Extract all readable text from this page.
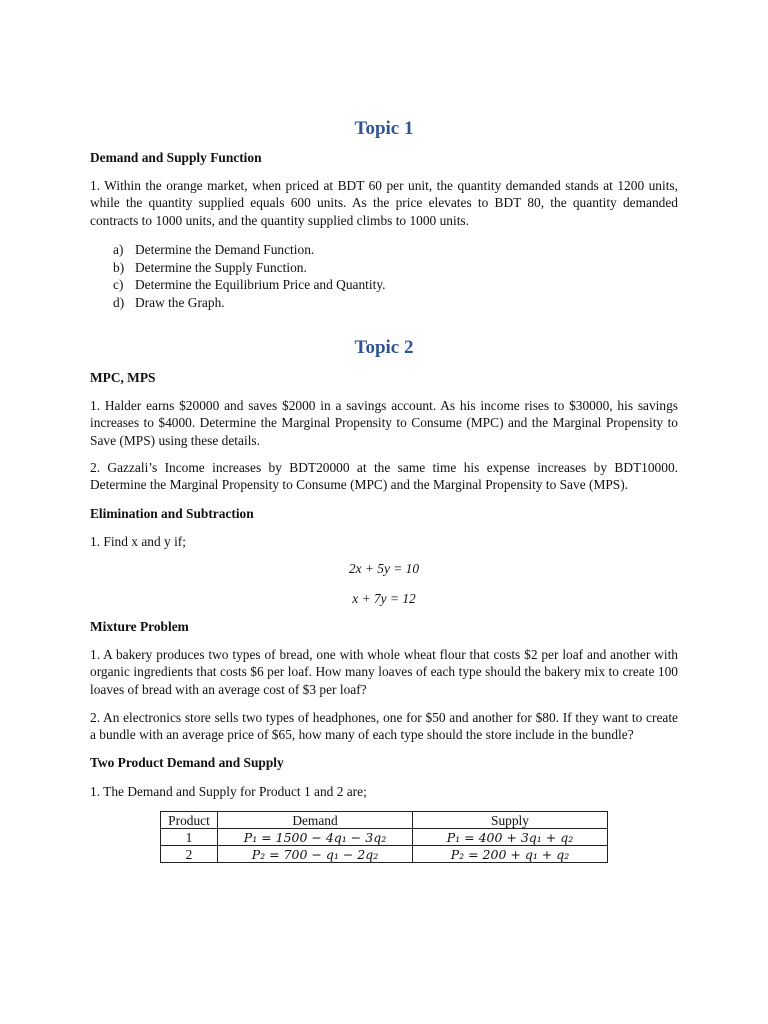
Topic 1
Demand and Supply Function
1. Within the orange market, when priced at BDT 60 per unit, the quantity demanded stands at 1200 units, while the quantity supplied equals 600 units. As the price elevates to BDT 80, the quantity demanded contracts to 1000 units, and the quantity supplied climbs to 1000 units.
a) Determine the Demand Function.
b) Determine the Supply Function.
c) Determine the Equilibrium Price and Quantity.
d) Draw the Graph.
Topic 2
MPC, MPS
1. Halder earns $20000 and saves $2000 in a savings account. As his income rises to $30000, his savings increases to $4000. Determine the Marginal Propensity to Consume (MPC) and the Marginal Propensity to Save (MPS) using these details.
2. Gazzali’s Income increases by BDT20000 at the same time his expense increases by BDT10000. Determine the Marginal Propensity to Consume (MPC) and the Marginal Propensity to Save (MPS).
Elimination and Subtraction
1. Find x and y if;
2x + 5y = 10
x + 7y = 12
Mixture Problem
1. A bakery produces two types of bread, one with whole wheat flour that costs $2 per loaf and another with organic ingredients that costs $6 per loaf. How many loaves of each type should the bakery mix to create 100 loaves of bread with an average cost of $3 per loaf?
2. An electronics store sells two types of headphones, one for $50 and another for $80. If they want to create a bundle with an average price of $65, how many of each type should the store include in the bundle?
Two Product Demand and Supply
1. The Demand and Supply for Product 1 and 2 are;
Product	Demand	Supply
1	P₁ = 1500 − 4q₁ − 3q₂	P₁ = 400 + 3q₁ + q₂
2	P₂ = 700 − q₁ − 2q₂	P₂ = 200 + q₁ + q₂
